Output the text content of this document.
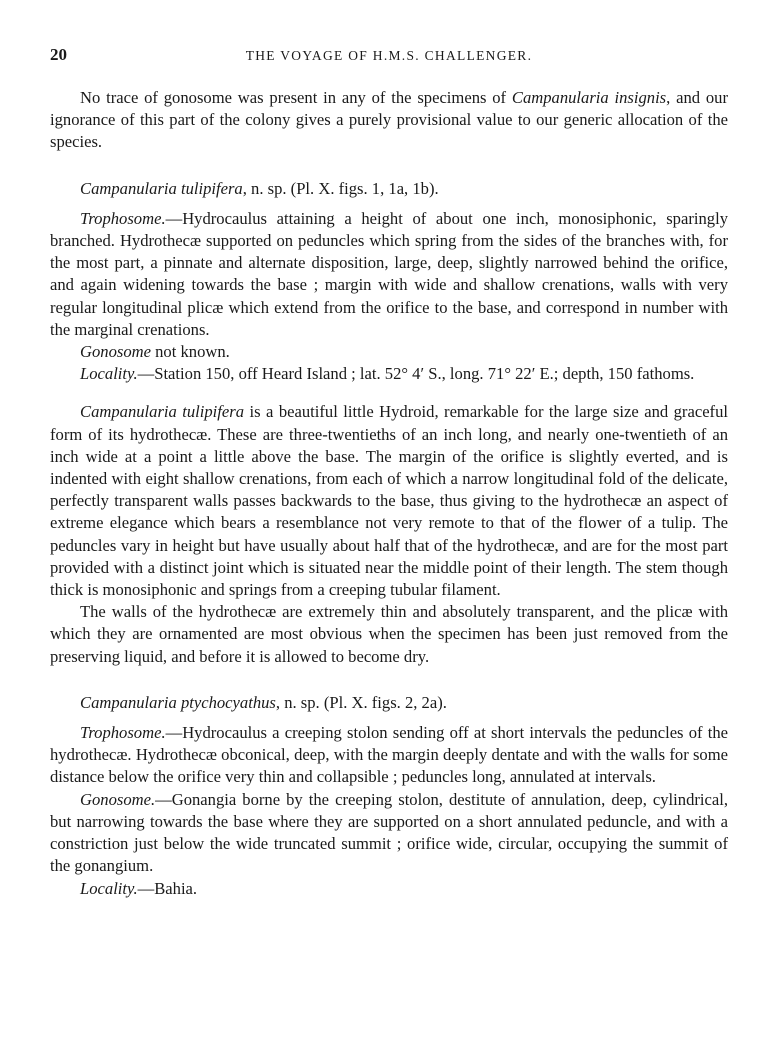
20	THE VOYAGE OF H.M.S. CHALLENGER.

No trace of gonosome was present in any of the specimens of Campanularia insignis, and our ignorance of this part of the colony gives a purely provisional value to our generic allocation of the species.

Campanularia tulipifera, n. sp. (Pl. X. figs. 1, 1a, 1b).

Trophosome.—Hydrocaulus attaining a height of about one inch, monosiphonic, sparingly branched. Hydrothecæ supported on peduncles which spring from the sides of the branches with, for the most part, a pinnate and alternate disposition, large, deep, slightly narrowed behind the orifice, and again widening towards the base ; margin with wide and shallow crenations, walls with very regular longitudinal plicæ which extend from the orifice to the base, and correspond in number with the marginal crenations.

Gonosome not known.

Locality.—Station 150, off Heard Island ; lat. 52° 4′ S., long. 71° 22′ E.; depth, 150 fathoms.

Campanularia tulipifera is a beautiful little Hydroid, remarkable for the large size and graceful form of its hydrothecæ. These are three-twentieths of an inch long, and nearly one-twentieth of an inch wide at a point a little above the base. The margin of the orifice is slightly everted, and is indented with eight shallow crenations, from each of which a narrow longitudinal fold of the delicate, perfectly transparent walls passes backwards to the base, thus giving to the hydrothecæ an aspect of extreme elegance which bears a resemblance not very remote to that of the flower of a tulip. The peduncles vary in height but have usually about half that of the hydrothecæ, and are for the most part provided with a distinct joint which is situated near the middle point of their length. The stem though thick is monosiphonic and springs from a creeping tubular filament.

The walls of the hydrothecæ are extremely thin and absolutely transparent, and the plicæ with which they are ornamented are most obvious when the specimen has been just removed from the preserving liquid, and before it is allowed to become dry.

Campanularia ptychocyathus, n. sp. (Pl. X. figs. 2, 2a).

Trophosome.—Hydrocaulus a creeping stolon sending off at short intervals the peduncles of the hydrothecæ. Hydrothecæ obconical, deep, with the margin deeply dentate and with the walls for some distance below the orifice very thin and collapsible ; peduncles long, annulated at intervals.

Gonosome.—Gonangia borne by the creeping stolon, destitute of annulation, deep, cylindrical, but narrowing towards the base where they are supported on a short annulated peduncle, and with a constriction just below the wide truncated summit ; orifice wide, circular, occupying the summit of the gonangium.

Locality.—Bahia.
